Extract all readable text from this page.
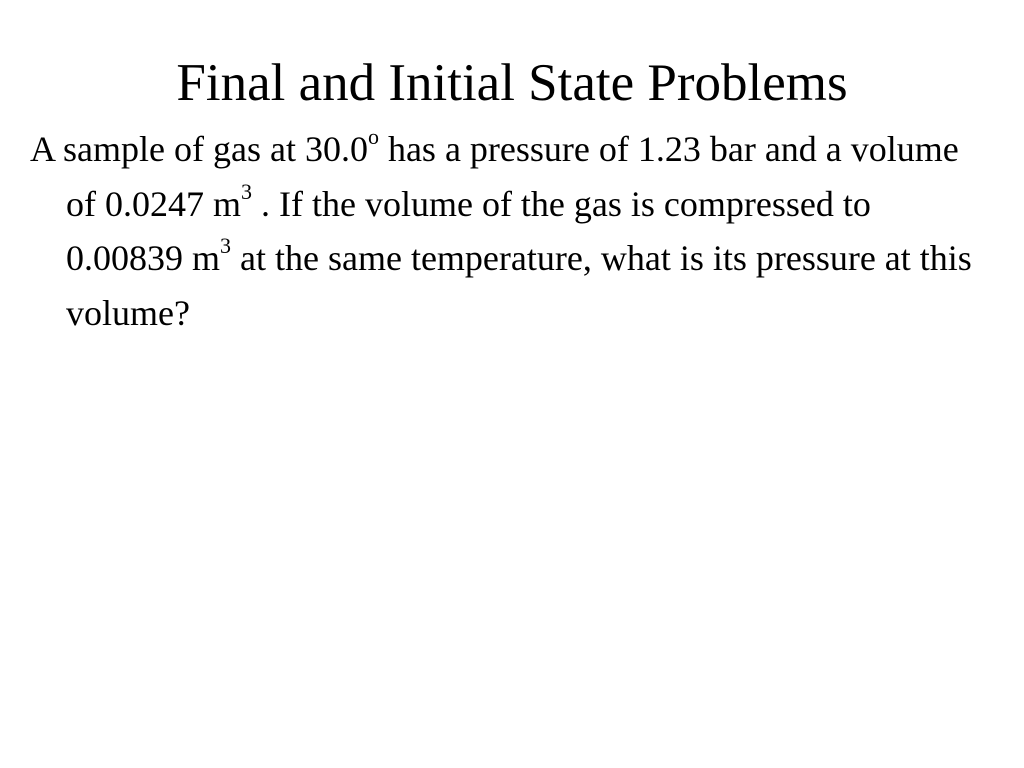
Final and Initial State Problems

A sample of gas at 30.0$^o$ has a pressure of 1.23 bar and a volume of 0.0247 $m^3$ . If the volume of the gas is compressed to 0.00839 $m^3$ at the same temperature, what is its pressure at this volume?
